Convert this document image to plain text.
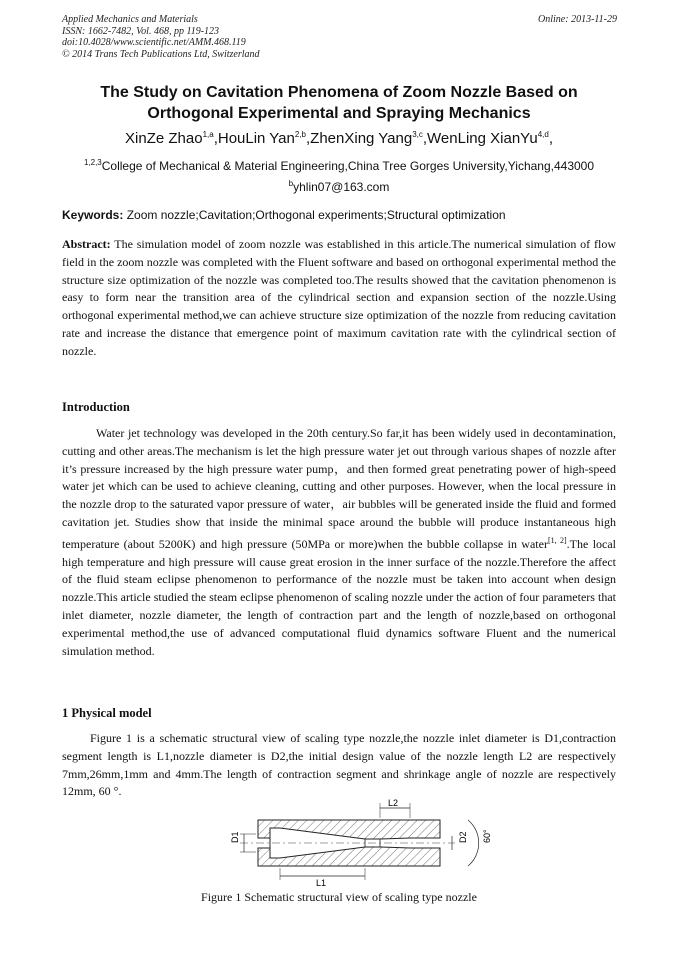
Applied Mechanics and Materials
ISSN: 1662-7482, Vol. 468, pp 119-123
doi:10.4028/www.scientific.net/AMM.468.119
© 2014 Trans Tech Publications Ltd, Switzerland
Online: 2013-11-29
The Study on Cavitation Phenomena of Zoom Nozzle Based on
Orthogonal Experimental and Spraying Mechanics
XinZe Zhao$^{1,a}$,HouLin Yan$^{2,b}$,ZhenXing Yang$^{3,c}$,WenLing XianYu$^{4,d}$,
$^{1,2,3}$College of Mechanical & Material Engineering,China Tree Gorges University,Yichang,443000
$^b$yhlin07@163.com
Keywords: Zoom nozzle;Cavitation;Orthogonal experiments;Structural optimization
Abstract: The simulation model of zoom nozzle was established in this article.The numerical simulation of flow field in the zoom nozzle was completed with the Fluent software and based on orthogonal experimental method the structure size optimization of the nozzle was completed too.The results showed that the cavitation phenomenon is easy to form near the transition area of the cylindrical section and expansion section of the nozzle.Using orthogonal experimental method,we can achieve structure size optimization of the nozzle from reducing cavitation rate and increase the distance that emergence point of maximum cavitation rate with the cylindrical section of nozzle.
Introduction
Water jet technology was developed in the 20th century.So far,it has been widely used in decontamination, cutting and other areas.The mechanism is let the high pressure water jet out through various shapes of nozzle after it’s pressure increased by the high pressure water pump，and then formed great penetrating power of high-speed water jet which can be used to achieve cleaning, cutting and other purposes. However, when the local pressure in the nozzle drop to the saturated vapor pressure of water，air bubbles will be generated inside the fluid and formed cavitation jet. Studies show that inside the minimal space around the bubble will produce instantaneous high temperature (about 5200K) and high pressure (50MPa or more)when the bubble collapse in water[1, 2].The local high temperature and high pressure will cause great erosion in the inner surface of the nozzle.Therefore the affect of the fluid steam eclipse phenomenon to performance of the nozzle must be taken into account when design nozzle.This article studied the steam eclipse phenomenon of scaling nozzle under the action of four parameters that inlet diameter, nozzle diameter, the length of contraction part and the length of nozzle,based on orthogonal experimental method,the use of advanced computational fluid dynamics software Fluent and the numerical simulation method.
1 Physical model
Figure 1 is a schematic structural view of scaling type nozzle,the nozzle inlet diameter is D1,contraction segment length is L1,nozzle diameter is D2,the initial design value of the nozzle length L2 are respectively 7mm,26mm,1mm and 4mm.The length of contraction segment and shrinkage angle of nozzle are respectively 12mm, 60 °.
D1
L1
L2
D2 60°
Figure 1 Schematic structural view of scaling type nozzle
